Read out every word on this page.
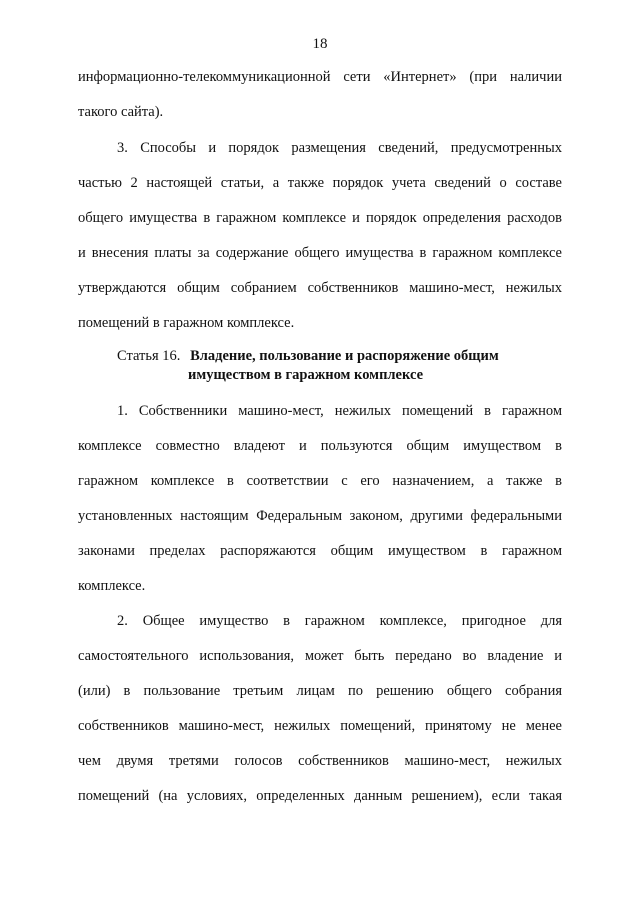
18
информационно-телекоммуникационной сети «Интернет» (при наличии
такого сайта).
3. Способы и порядок размещения сведений, предусмотренных
частью 2 настоящей статьи, а также порядок учета сведений о составе
общего имущества в гаражном комплексе и порядок определения расходов
и внесения платы за содержание общего имущества в гаражном комплексе
утверждаются общим собранием собственников машино-мест, нежилых
помещений в гаражном комплексе.
Статья 16. Владение, пользование и распоряжение общим
имуществом в гаражном комплексе
1. Собственники машино-мест, нежилых помещений в гаражном
комплексе совместно владеют и пользуются общим имуществом в
гаражном комплексе в соответствии с его назначением, а также в
установленных настоящим Федеральным законом, другими федеральными
законами пределах распоряжаются общим имуществом в гаражном
комплексе.
2. Общее имущество в гаражном комплексе, пригодное для
самостоятельного использования, может быть передано во владение и
(или) в пользование третьим лицам по решению общего собрания
собственников машино-мест, нежилых помещений, принятому не менее
чем двумя третями голосов собственников машино-мест, нежилых
помещений (на условиях, определенных данным решением), если такая
